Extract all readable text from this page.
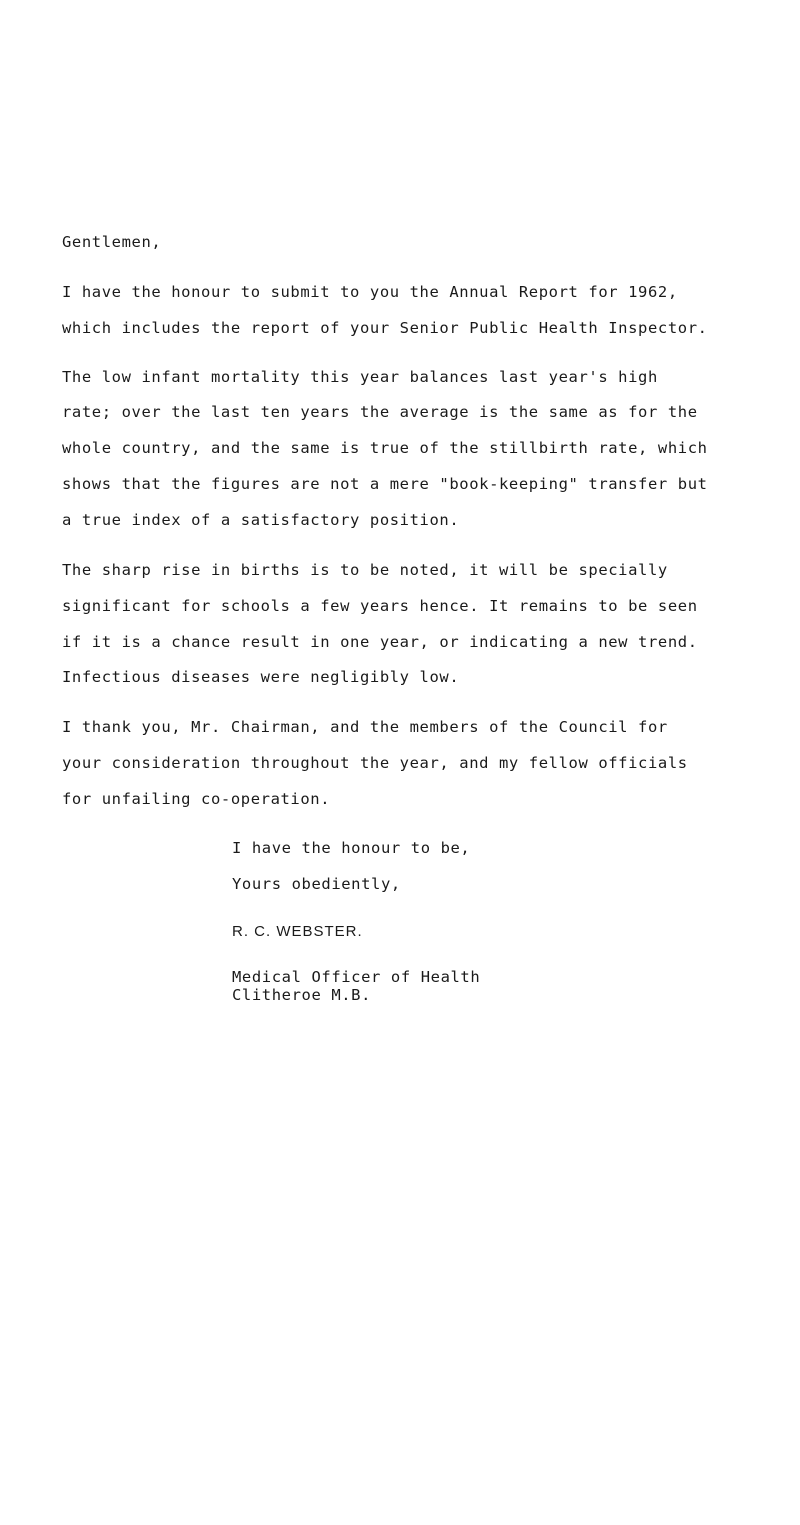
Gentlemen,
I have the honour to submit to you the Annual Report for 1962,
which includes the report of your Senior Public Health Inspector.
The low infant mortality this year balances last year's high
rate; over the last ten years the average is the same as for the
whole country, and the same is true of the stillbirth rate, which
shows that the figures are not a mere "book-keeping" transfer but
a true index of a satisfactory position.
The sharp rise in births is to be noted, it will be specially
significant for schools a few years hence. It remains to be seen
if it is a chance result in one year, or indicating a new trend.
Infectious diseases were negligibly low.
I thank you, Mr. Chairman, and the members of the Council for
your consideration throughout the year, and my fellow officials
for unfailing co-operation.
I have the honour to be,
Yours obediently,
R. C. WEBSTER.
Medical Officer of Health
Clitheroe M.B.
